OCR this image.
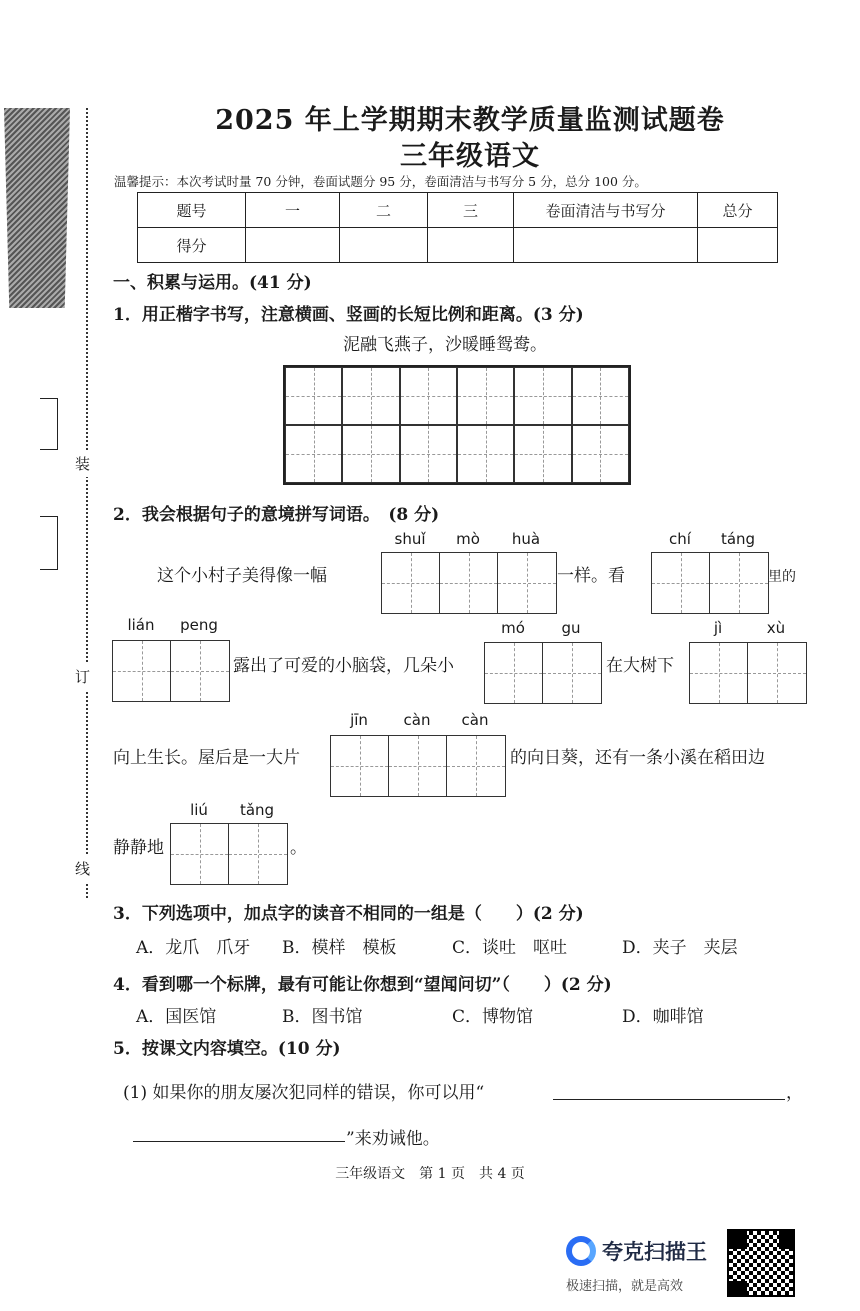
装
订
线
2025 年上学期期末教学质量监测试题卷
三年级语文
温馨提示：本次考试时量 70 分钟，卷面试题分 95 分，卷面清洁与书写分 5 分，总分 100 分。
题号	一	二	三	卷面清洁与书写分	总分
得分					
一、积累与运用。(41 分)
1．用正楷字书写，注意横画、竖画的长短比例和距离。(3 分)
泥融飞燕子，沙暖睡鸳鸯。
2．我会根据句子的意境拼写词语。　(8 分)
shuǐ	mò	huà
这个小村子美得像一幅	一样。看
chí	táng
里的
lián	peng
露出了可爱的小脑袋，几朵小
mó	gu
在大树下
jì	xù
jīn	càn	càn
向上生长。屋后是一大片	的向日葵，还有一条小溪在稻田边
liú	tǎng
静静地	。
3．下列选项中，加点字的读音不相同的一组是（　　）(2 分)
A．龙爪　爪牙 B．模样　模板	C．谈吐　呕吐	D．夹子　夹层
4．看到哪一个标牌，最有可能让你想到“望闻问切”（　　）(2 分)
A．国医馆	B．图书馆	C．博物馆	D．咖啡馆
5．按课文内容填空。(10 分)
(1) 如果你的朋友屡次犯同样的错误，你可以用“	，
”来劝诫他。
三年级语文　第 1 页　共 4 页
夸克扫描王
极速扫描，就是高效
